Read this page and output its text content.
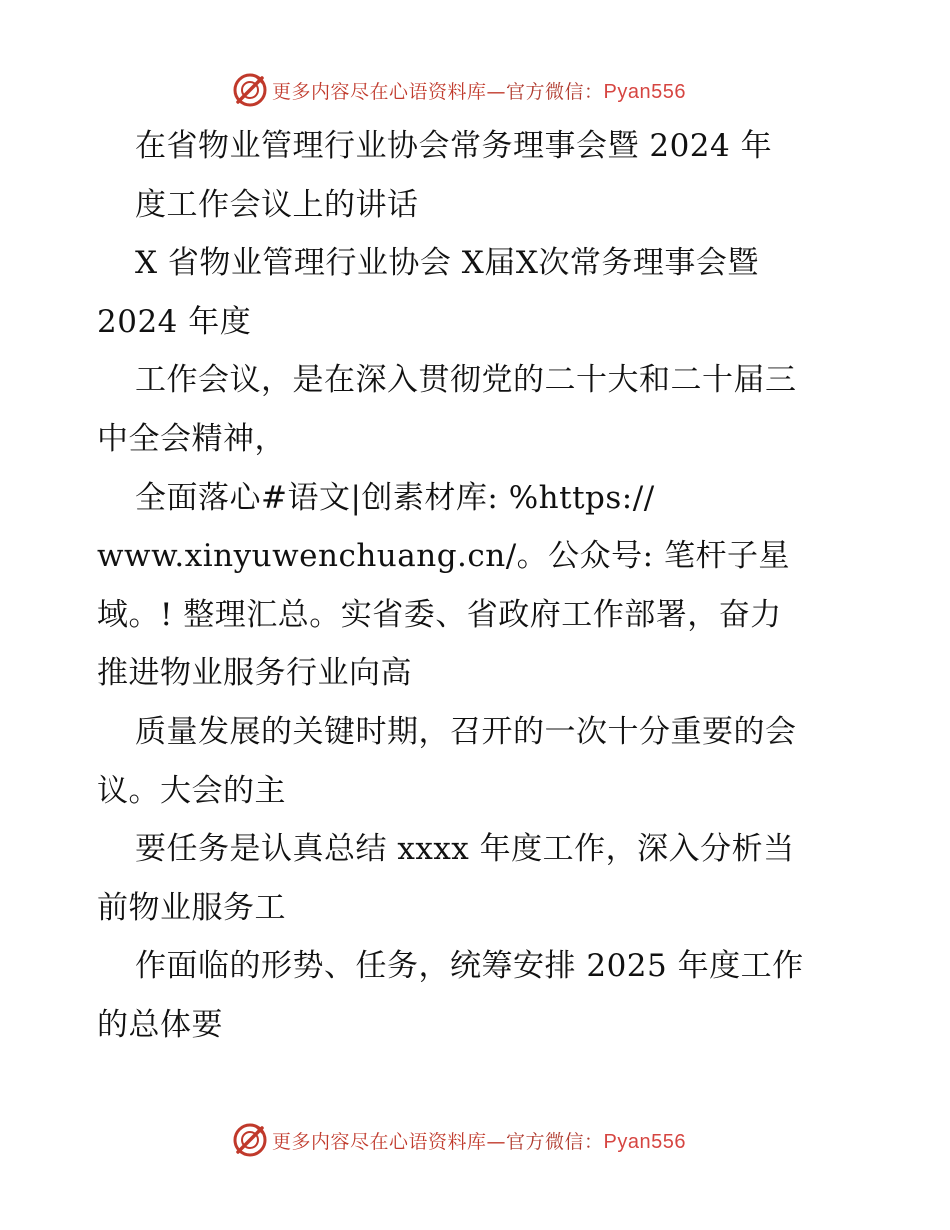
更多内容尽在心语资料库—官方微信：Pyan556
在省物业管理行业协会常务理事会暨 2024 年
度工作会议上的讲话
X 省物业管理行业协会 X届X次常务理事会暨
2024 年度
工作会议，是在深入贯彻党的二十大和二十届三
中全会精神，
全面落心#语文|创素材库: %https://
www.xinyuwenchuang.cn/。公众号: 笔杆子星
域。! 整理汇总。实省委、省政府工作部署，奋力
推进物业服务行业向高
质量发展的关键时期，召开的一次十分重要的会
议。大会的主
要任务是认真总结 xxxx 年度工作，深入分析当
前物业服务工
作面临的形势、任务，统筹安排 2025 年度工作
的总体要
更多内容尽在心语资料库—官方微信：Pyan556
